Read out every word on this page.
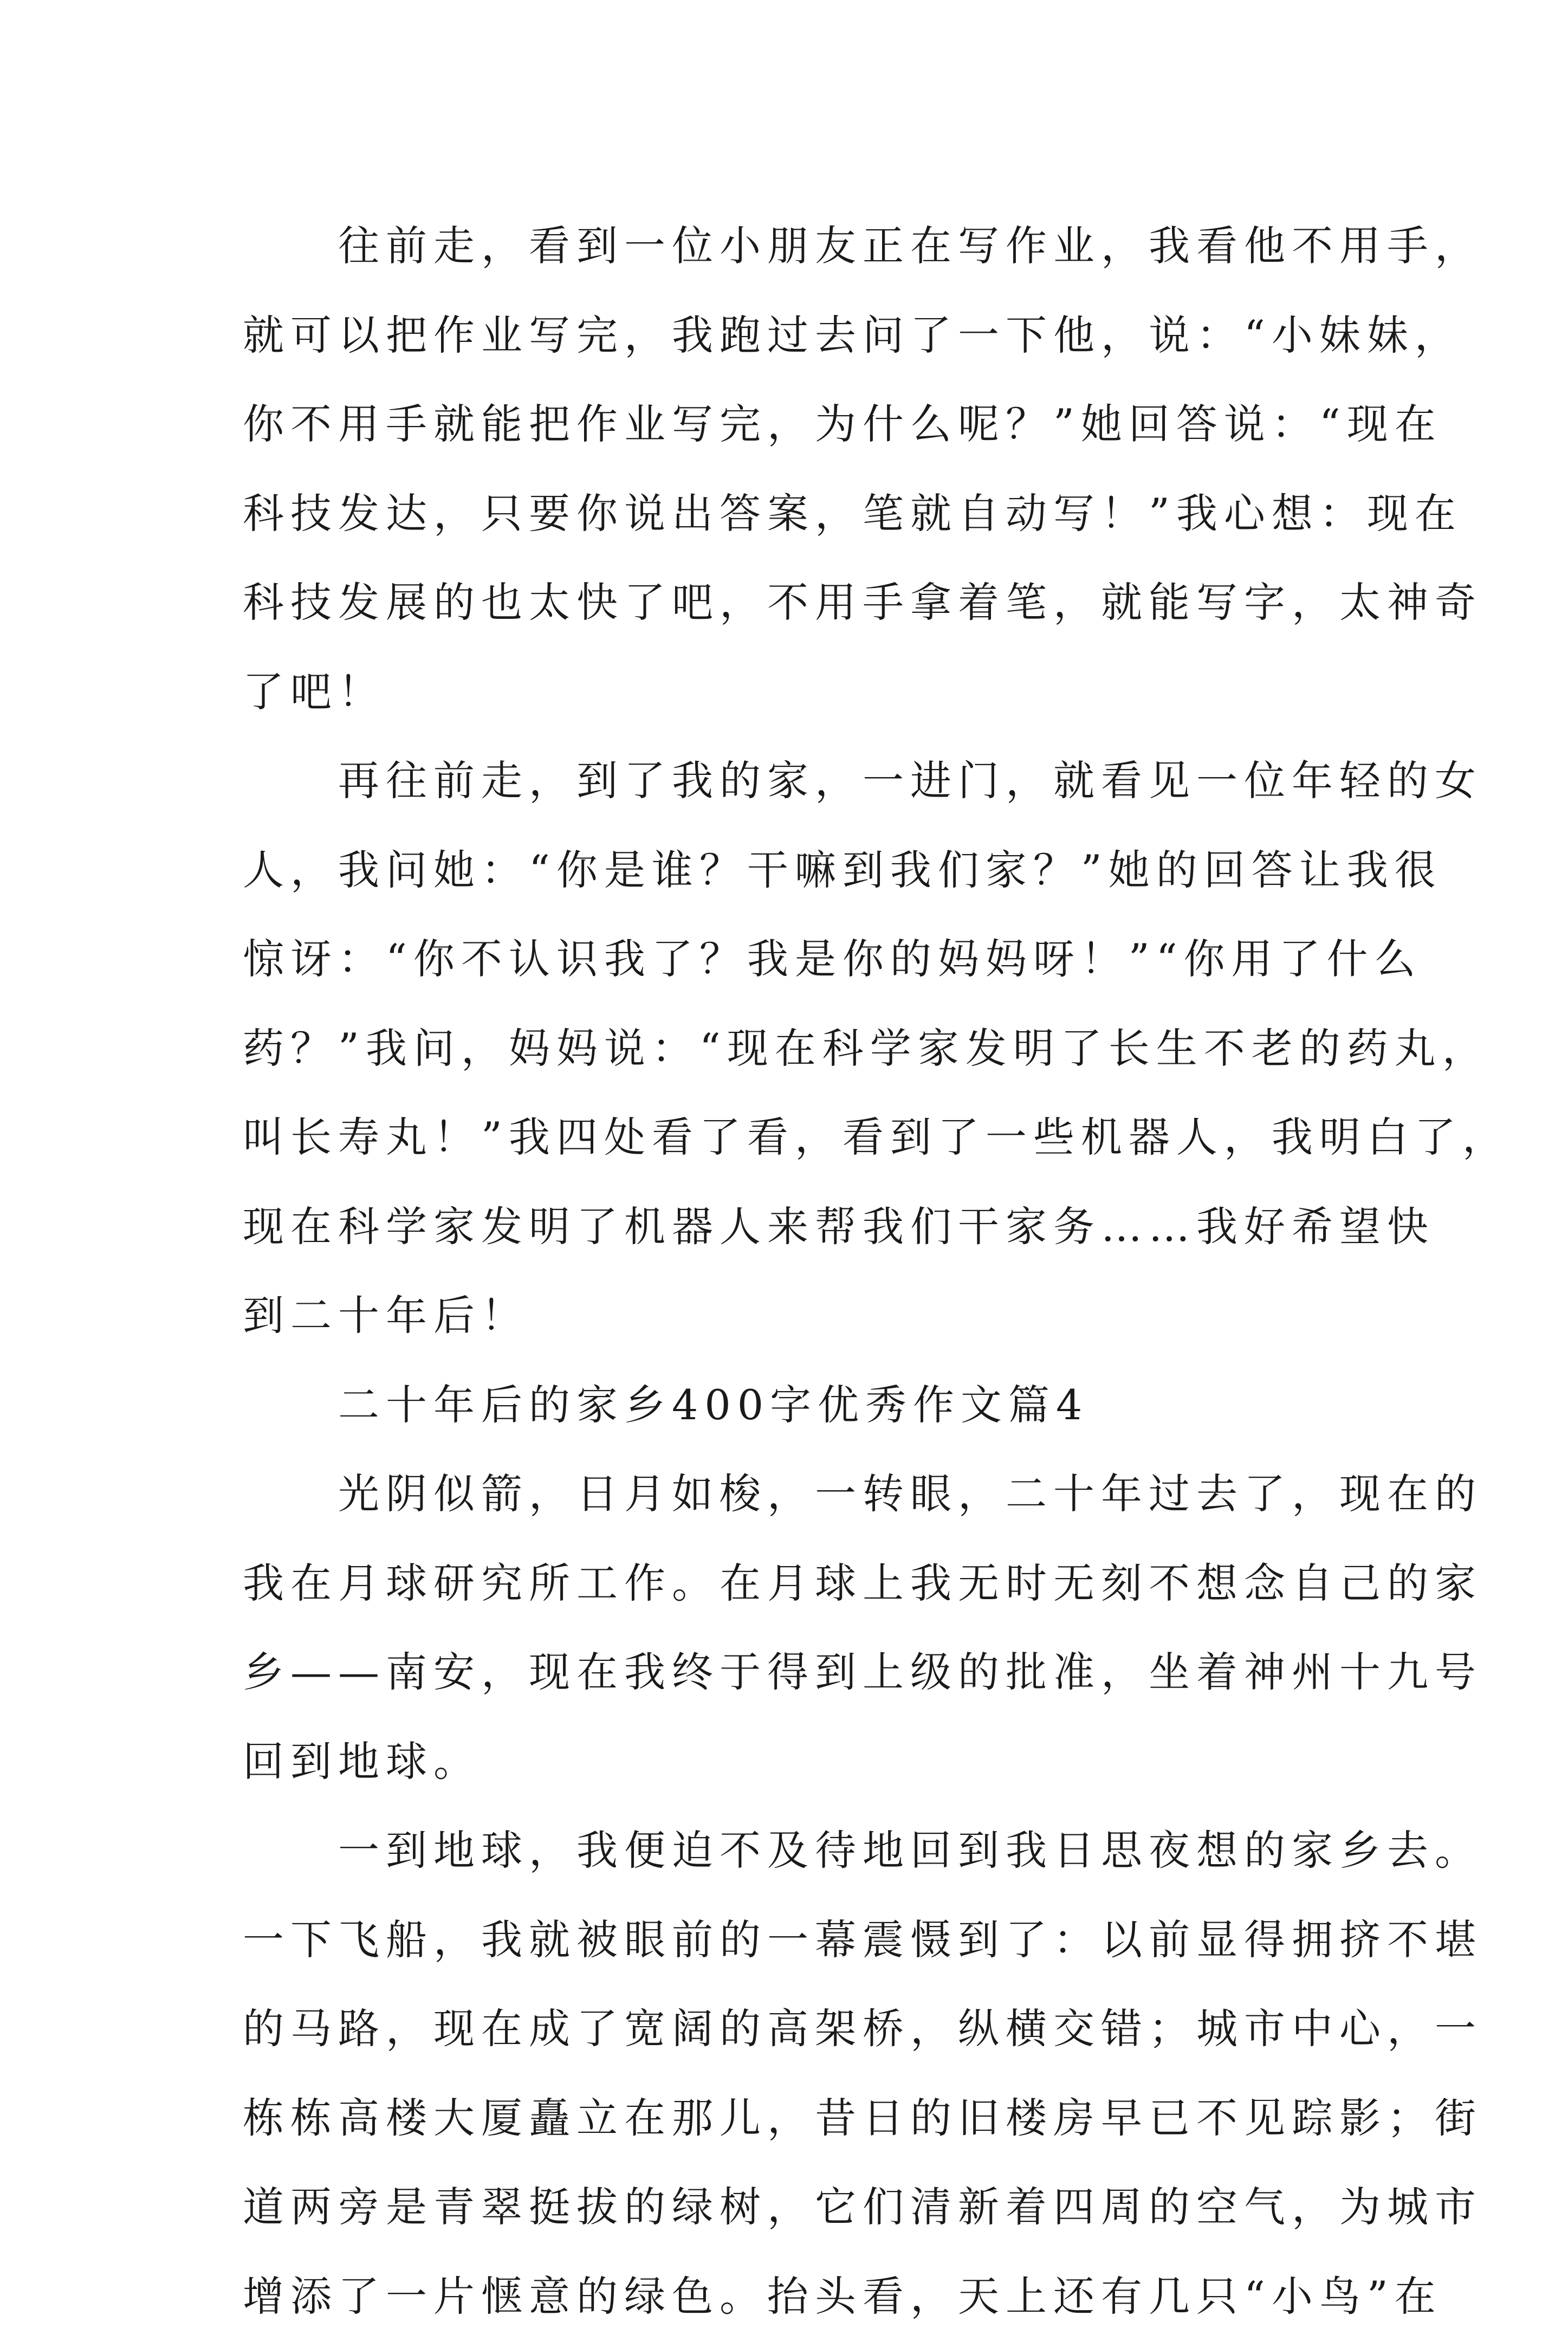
　　往前走，看到一位小朋友正在写作业，我看他不用手，
就可以把作业写完，我跑过去问了一下他，说：“小妹妹，
你不用手就能把作业写完，为什么呢？”她回答说：“现在
科技发达，只要你说出答案，笔就自动写！”我心想：现在
科技发展的也太快了吧，不用手拿着笔，就能写字，太神奇
了吧！
　　再往前走，到了我的家，一进门，就看见一位年轻的女
人，我问她：“你是谁？干嘛到我们家？”她的回答让我很
惊讶：“你不认识我了？我是你的妈妈呀！”“你用了什么
药？”我问，妈妈说：“现在科学家发明了长生不老的药丸，
叫长寿丸！”我四处看了看，看到了一些机器人，我明白了，
现在科学家发明了机器人来帮我们干家务……我好希望快
到二十年后！
　　二十年后的家乡400字优秀作文篇4
　　光阴似箭，日月如梭，一转眼，二十年过去了，现在的
我在月球研究所工作。在月球上我无时无刻不想念自己的家
乡——南安，现在我终于得到上级的批准，坐着神州十九号
回到地球。
　　一到地球，我便迫不及待地回到我日思夜想的家乡去。
一下飞船，我就被眼前的一幕震慑到了：以前显得拥挤不堪
的马路，现在成了宽阔的高架桥，纵横交错；城市中心，一
栋栋高楼大厦矗立在那儿，昔日的旧楼房早已不见踪影；街
道两旁是青翠挺拔的绿树，它们清新着四周的空气，为城市
增添了一片惬意的绿色。抬头看，天上还有几只“小鸟”在
